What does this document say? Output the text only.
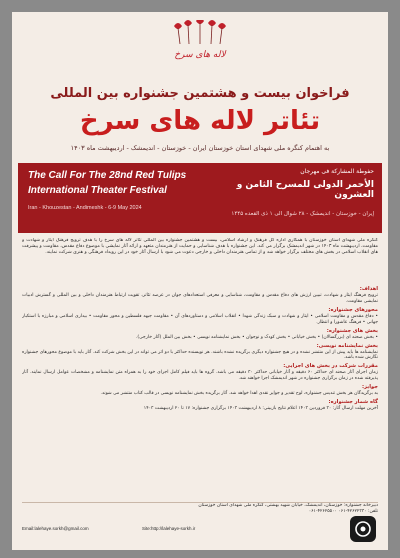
لاله های سرخ
فراخوان بیست و هشتمین جشنواره بین المللی
تئاتر لاله های سرخ
به اهتمام کنگره ملی شهدای استان خوزستان ایران - خوزستان - اندیمشک - اردیبهشت ماه ۱۴۰۳
The Call For The 28nd Red Tulips
International Theater Festival
Iran - Khouzestan - Andimeshk - 6-9 May 2024
حفوطة المشارکة فی مهرجان
الأحمر الدولی للمسرح الثامن و العشرون
إیران - خوزستان - اندیمشک - ۲۸ شوال الی ۱ ذی القعده ۱۴۴۵
کنگره ملی شهدای استان خوزستان با همکاری اداره کل فرهنگ و ارشاد اسلامی، بیست و هشتمین جشنواره بین المللی تئاتر لاله های سرخ را با هدف ترویج فرهنگ ایثار و شهادت و مقاومت، اردیبهشت ماه ۱۴۰۳ در شهر اندیمشک برگزار می کند. این جشنواره با هدف شناسایی و حمایت از هنرمندان متعهد و ارائه آثار نمایشی با موضوع دفاع مقدس، مقاومت و پیشرفت های انقلاب اسلامی در بخش های مختلف برگزار خواهد شد و از تمامی هنرمندان داخلی و خارجی دعوت می شود با ارسال آثار خود در این رویداد فرهنگی و هنری شرکت نمایند.
اهداف:
ترویج فرهنگ ایثار و شهادت، تبیین ارزش های دفاع مقدس و مقاومت، شناسایی و معرفی استعدادهای جوان در عرصه تئاتر، تقویت ارتباط هنرمندان داخلی و بین المللی و گسترش ادبیات نمایشی مقاومت.
محورهای جشنواره:
• دفاع مقدس و مقاومت اسلامی • ایثار و شهادت و سبک زندگی شهدا • انقلاب اسلامی و دستاوردهای آن • مقاومت جبهه فلسطین و محور مقاومت • بیداری اسلامی و مبارزه با استکبار جهانی • فرهنگ عاشورا و انتظار.
بخش های جشنواره:
• بخش صحنه ای (بزرگسالان) • بخش خیابانی • بخش کودک و نوجوان • بخش نمایشنامه نویسی • بخش بین الملل (آثار خارجی).
بخش نمایشنامه نویسی:
نمایشنامه ها باید پیش از این منتشر نشده و در هیچ جشنواره دیگری برگزیده نشده باشند. هر نویسنده حداکثر با دو اثر می تواند در این بخش شرکت کند. آثار باید با موضوع محورهای جشنواره نگارش شده باشد.
مقررات شرکت در بخش های اجرایی:
زمان اجرای آثار صحنه ای حداکثر ۶۰ دقیقه و آثار خیابانی حداکثر ۳۰ دقیقه می باشد. گروه ها باید فیلم کامل اجرای خود را به همراه متن نمایشنامه و مشخصات عوامل ارسال نمایند. آثار پذیرفته شده در زمان برگزاری جشنواره در شهر اندیمشک اجرا خواهند شد.
جوایز:
به برگزیدگان هر بخش تندیس جشنواره، لوح تقدیر و جوایز نقدی اهدا خواهد شد. آثار برگزیده بخش نمایشنامه نویسی در قالب کتاب منتشر می شوند.
گاه شمار جشنواره:
آخرین مهلت ارسال آثار: ۳۰ فروردین ۱۴۰۳ اعلام نتایج بازبینی: ۸ اردیبهشت ۱۴۰۳ برگزاری جشنواره: ۱۷ تا ۲۰ اردیبهشت ۱۴۰۳
دبیرخانه جشنواره: خوزستان، اندیمشک، خیابان شهید بهشتی، کنگره ملی شهدای استان خوزستان
تلفن: ۴۲۶۲۲۳۳۰-۰۶۱ ۴۲۶۲۵۵۰۰-۰۶۱
Email:lalehaye.sorkh@gmail.com	Site:http://lalehaye-sorkh.ir
